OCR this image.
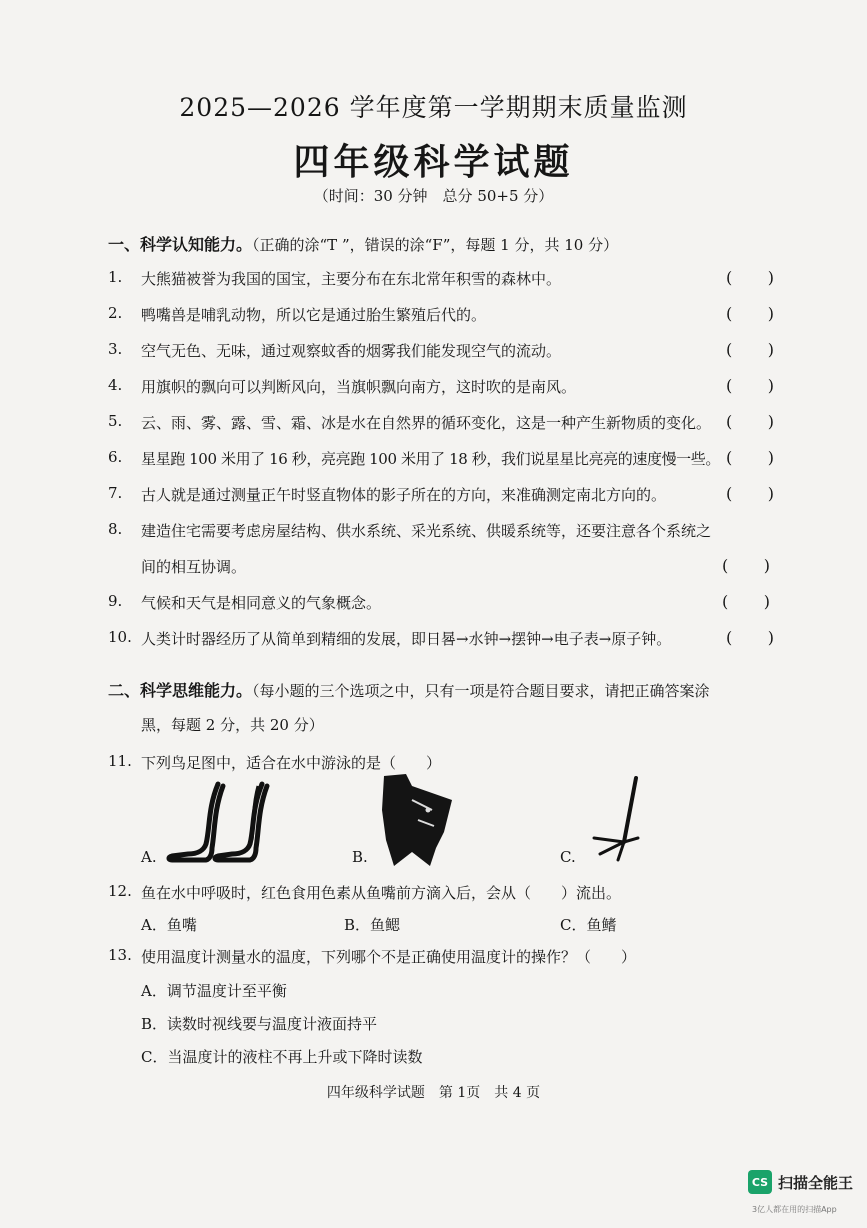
2025—2026 学年度第一学期期末质量监测
四年级科学试题
（时间：30 分钟　总分 50+5 分）
一、科学认知能力。（正确的涂“T ”，错误的涂“F”，每题 1 分，共 10 分）
1. 大熊猫被誉为我国的国宝，主要分布在东北常年积雪的森林中。	( )
2. 鸭嘴兽是哺乳动物，所以它是通过胎生繁殖后代的。	( )
3. 空气无色、无味，通过观察蚊香的烟雾我们能发现空气的流动。	( )
4. 用旗帜的飘向可以判断风向，当旗帜飘向南方，这时吹的是南风。	( )
5. 云、雨、雾、露、雪、霜、冰是水在自然界的循环变化，这是一种产生新物质的变化。 ( )
6. 星星跑 100 米用了 16 秒，亮亮跑 100 米用了 18 秒，我们说星星比亮亮的速度慢一些。 ( )
7. 古人就是通过测量正午时竖直物体的影子所在的方向，来准确测定南北方向的。	( )
8. 建造住宅需要考虑房屋结构、供水系统、采光系统、供暖系统等，还要注意各个系统之
间的相互协调。	( )
9. 气候和天气是相同意义的气象概念。	( )
10. 人类计时器经历了从简单到精细的发展，即日晷→水钟→摆钟→电子表→原子钟。	( )
二、科学思维能力。（每小题的三个选项之中，只有一项是符合题目要求，请把正确答案涂
黑，每题 2 分，共 20 分）
11. 下列鸟足图中，适合在水中游泳的是（　　）
A.	B.	C.
12. 鱼在水中呼吸时，红色食用色素从鱼嘴前方滴入后，会从（　　）流出。
A．鱼嘴	B．鱼鳃	C．鱼鳍
13. 使用温度计测量水的温度，下列哪个不是正确使用温度计的操作？（　　）
A．调节温度计至平衡
B．读数时视线要与温度计液面持平
C．当温度计的液柱不再上升或下降时读数
四年级科学试题　第 1页　共 4 页
CS 扫描全能王
3亿人都在用的扫描App
